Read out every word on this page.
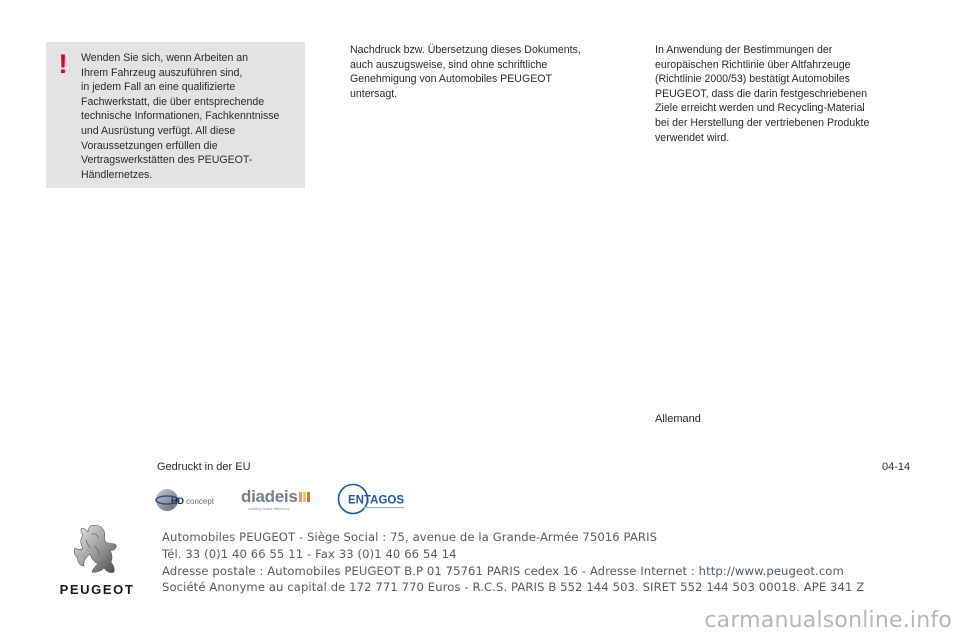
! Wenden Sie sich, wenn Arbeiten an
Ihrem Fahrzeug auszuführen sind,
in jedem Fall an eine qualifizierte
Fachwerkstatt, die über entsprechende
technische Informationen, Fachkenntnisse
und Ausrüstung verfügt. All diese
Voraussetzungen erfüllen die
Vertragswerkstätten des PEUGEOT-
Händlernetzes.
Nachdruck bzw. Übersetzung dieses Dokuments,
auch auszugsweise, sind ohne schriftliche
Genehmigung von Automobiles PEUGEOT
untersagt.
In Anwendung der Bestimmungen der
europäischen Richtlinie über Altfahrzeuge
(Richtlinie 2000/53) bestätigt Automobiles
PEUGEOT, dass die darin festgeschriebenen
Ziele erreicht werden und Recycling-Material
bei der Herstellung der vertriebenen Produkte
verwendet wird.
Allemand
Gedruckt in der EU	04-14
HD concept diadeis
creating brand efficiency
ENTAGOS
PEUGEOT
Automobiles PEUGEOT - Siège Social : 75, avenue de la Grande-Armée 75016 PARIS
Tél. 33 (0)1 40 66 55 11 - Fax 33 (0)1 40 66 54 14
Adresse postale : Automobiles PEUGEOT B.P 01 75761 PARIS cedex 16 - Adresse Internet : http://www.peugeot.com
Société Anonyme au capital de 172 771 770 Euros - R.C.S. PARIS B 552 144 503. SIRET 552 144 503 00018. APE 341 Z
carmanualsonline.info
